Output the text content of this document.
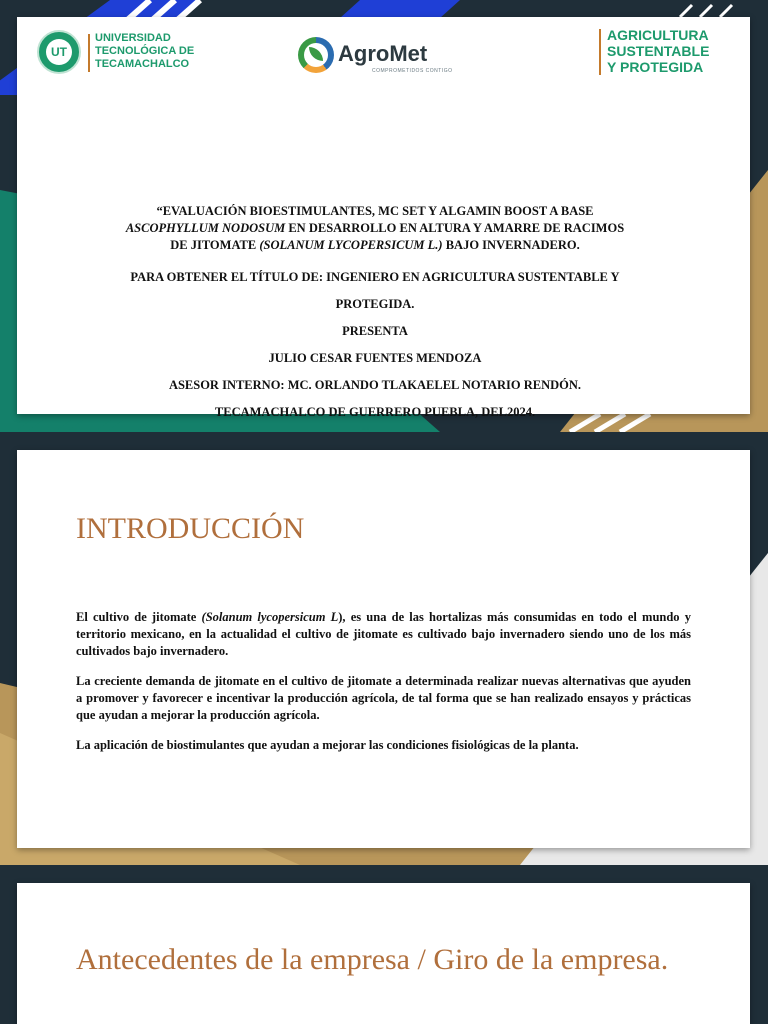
UT
UNIVERSIDAD
TECNOLÓGICA DE
TECAMACHALCO	AgroMet
COMPROMETIDOS CONTIGO
AGRICULTURA
SUSTENTABLE
Y PROTEGIDA

“EVALUACIÓN BIOESTIMULANTES, MC SET Y ALGAMIN BOOST A BASE
ASCOPHYLLUM NODOSUM EN DESARROLLO EN ALTURA Y AMARRE DE RACIMOS
DE JITOMATE (SOLANUM LYCOPERSICUM L.) BAJO INVERNADERO.

PARA OBTENER EL TÍTULO DE: INGENIERO EN AGRICULTURA SUSTENTABLE Y
PROTEGIDA.

PRESENTA

JULIO CESAR FUENTES MENDOZA

ASESOR INTERNO: MC. ORLANDO TLAKAELEL NOTARIO RENDÓN.

TECAMACHALCO DE GUERRERO PUEBLA, DEL2024.

INTRODUCCIÓN

El cultivo de jitomate (Solanum lycopersicum L), es una de las hortalizas más consumidas en todo el mundo y territorio mexicano, en la actualidad el cultivo de jitomate es cultivado bajo invernadero siendo uno de los más cultivados bajo invernadero.

La creciente demanda de jitomate en el cultivo de jitomate a determinada realizar nuevas alternativas que ayuden a promover y favorecer e incentivar la producción agrícola, de tal forma que se han realizado ensayos y prácticas que ayudan a mejorar la producción agrícola.

La aplicación de biostimulantes que ayudan a mejorar las condiciones fisiológicas de la planta.

Antecedentes de la empresa / Giro de la empresa.
